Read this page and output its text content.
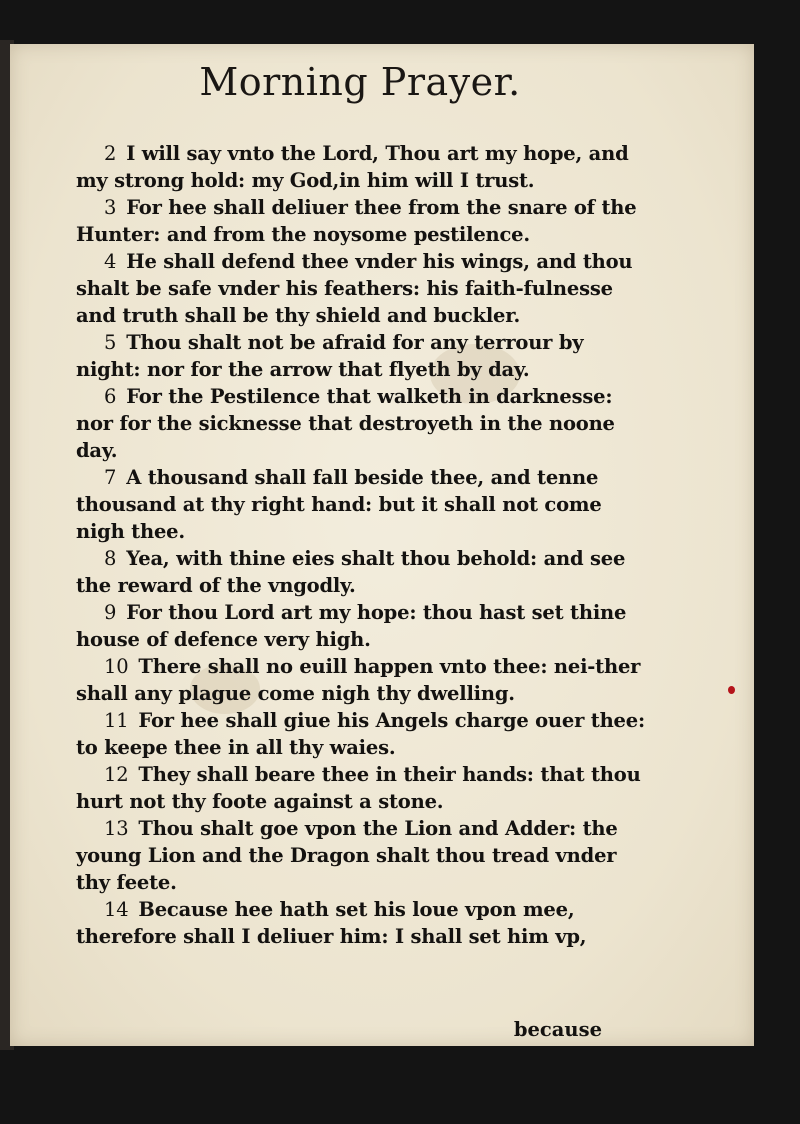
Morning Prayer.

2 I will say vnto the Lord, Thou art my hope, and my strong hold: my God,in him will I trust.

3 For hee shall deliuer thee from the snare of the Hunter: and from the noysome pestilence.

4 He shall defend thee vnder his wings, and thou shalt be safe vnder his feathers: his faith-fulnesse and truth shall be thy shield and buckler.

5 Thou shalt not be afraid for any terrour by night: nor for the arrow that flyeth by day.

6 For the Pestilence that walketh in darknesse: nor for the sicknesse that destroyeth in the noone day.

7 A thousand shall fall beside thee, and tenne thousand at thy right hand: but it shall not come nigh thee.

8 Yea, with thine eies shalt thou behold: and see the reward of the vngodly.

9 For thou Lord art my hope: thou hast set thine house of defence very high.

10 There shall no euill happen vnto thee: nei-ther shall any plague come nigh thy dwelling.

11 For hee shall giue his Angels charge ouer thee: to keepe thee in all thy waies.

12 They shall beare thee in their hands: that thou hurt not thy foote against a stone.

13 Thou shalt goe vpon the Lion and Adder: the young Lion and the Dragon shalt thou tread vnder thy feete.

14 Because hee hath set his loue vpon mee, therefore shall I deliuer him: I shall set him vp,

because
